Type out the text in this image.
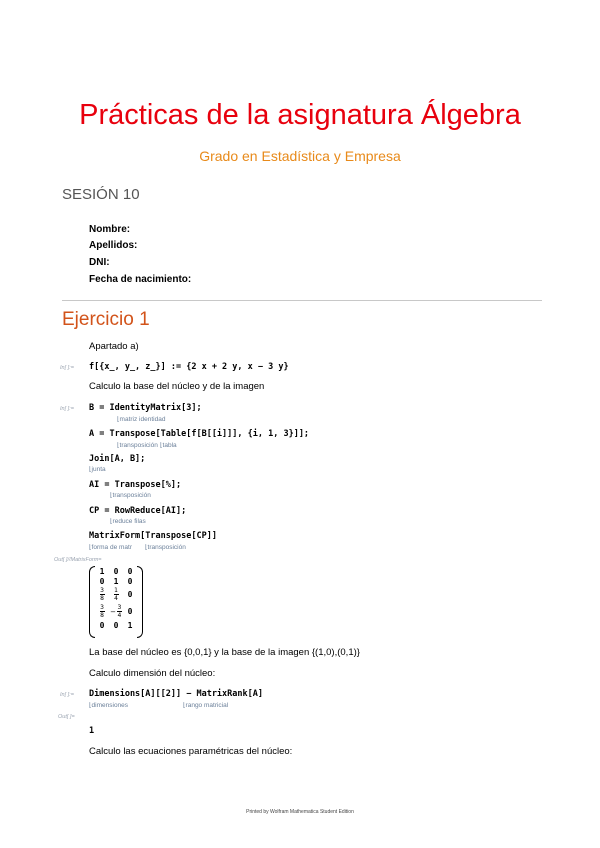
Prácticas de la asignatura Álgebra
Grado en Estadística y Empresa
SESIÓN 10
Nombre:
Apellidos:
DNI:
Fecha de nacimiento:
Ejercicio 1
Apartado a)
In[ ]:= f[{x_, y_, z_}] := {2 x + 2 y, x − 3 y}
Calculo la base del núcleo y de la imagen
In[ ]:= B = IdentityMatrix[3];
⌊matriz identidad
A = Transpose[Table[f[B[[i]]], {i, 1, 3}]];
⌊transposición ⌊tabla
Join[A, B];
⌊junta
AI = Transpose[%];
⌊transposición
CP = RowReduce[AI];
⌊reduce filas
MatrixForm[Transpose[CP]]
⌊forma de matr ⌊transposición
Out[ ]//MatrixForm=
1	0	0
0	1	0
$\frac{3}{8} \frac{1}{4} 0$
$\frac{3}{8} - \frac{3}{4} 0$
0	0	1
La base del núcleo es {0,0,1} y la base de la imagen {(1,0),(0,1)}
Calculo dimensión del núcleo:
In[ ]:= Dimensions[A][[2]] − MatrixRank[A]
⌊dimensiones	⌊rango matricial
Out[ ]=
1
Calculo las ecuaciones paramétricas del núcleo:
Printed by Wolfram Mathematica Student Edition
